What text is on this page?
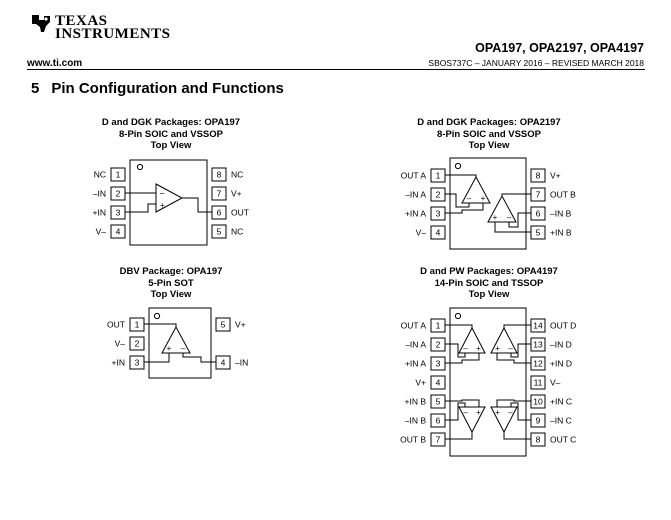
TEXAS
INSTRUMENTS
OPA197, OPA2197, OPA4197
www.ti.com	SBOS737C – JANUARY 2016 – REVISED MARCH 2018
5 Pin Configuration and Functions
D and DGK Packages: OPA197
8-Pin SOIC and VSSOP
Top View
D and DGK Packages: OPA2197
8-Pin SOIC and VSSOP
Top View
DBV Package: OPA197
5-Pin SOT
Top View
D and PW Packages: OPA4197
14-Pin SOIC and TSSOP
Top View
1
NC
2
–IN
3
+IN
4
V–
8 NC
7 V+
6 OUT
5 NC
–
+
1
OUT A
2
–IN A
3
+IN A
4
V–
8 V+
7 OUT B
6 –IN B
5 +IN B
– +
+ –
1
OUT
2
V–
3
+IN
5 V+
4 –IN
+ –
1
OUT A
2
–IN A
3
+IN A
4
V+
5
+IN B
6
–IN B
7
OUT B
14 OUT D
13 –IN D
12 +IN D
11 V–
10 +IN C
9 –IN C
8 OUT C
– + + –
– + + –
